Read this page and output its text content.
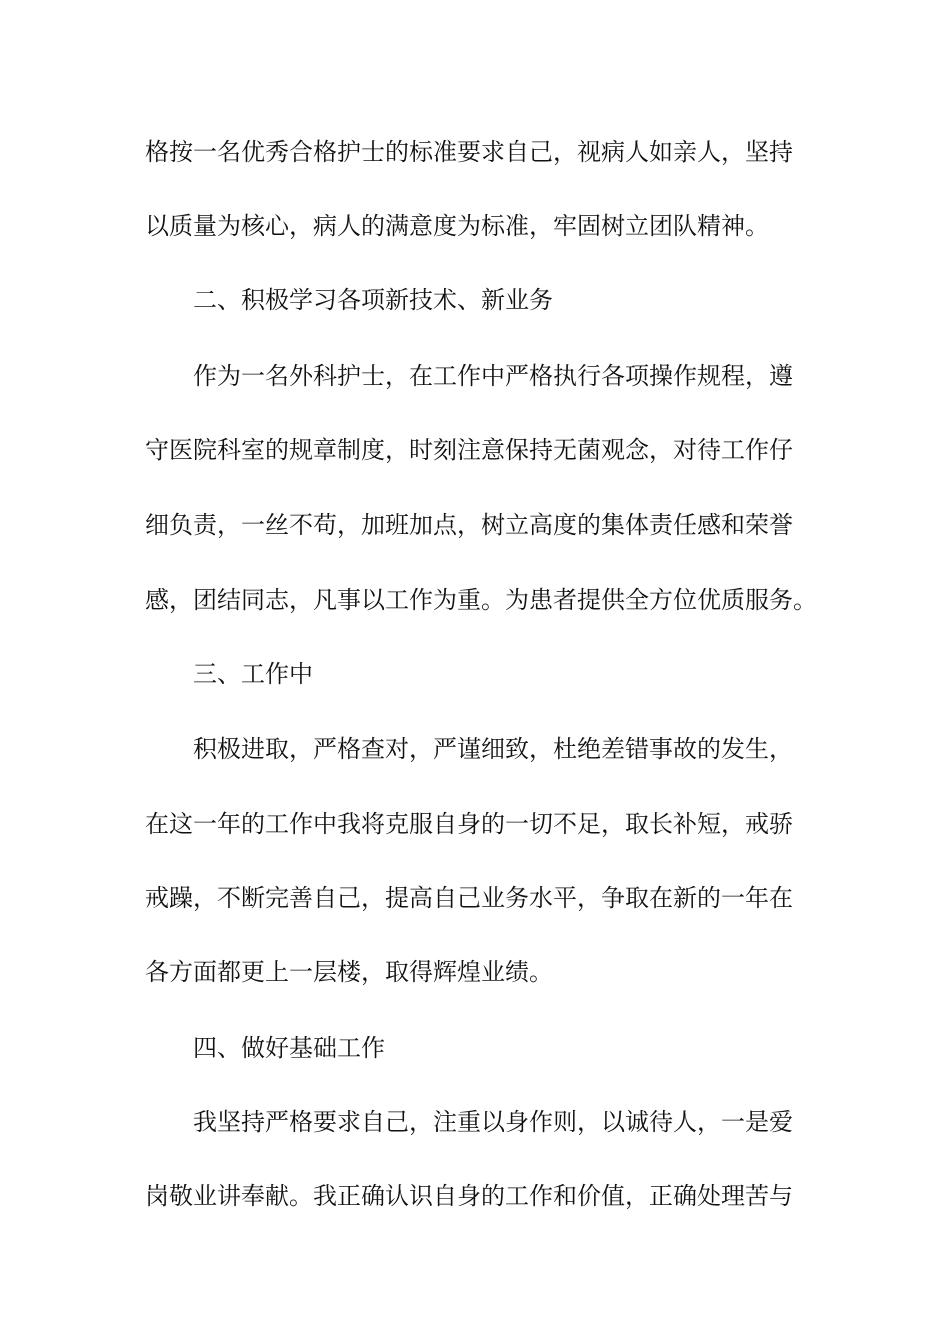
格按一名优秀合格护士的标准要求自己，视病人如亲人，坚持
以质量为核心，病人的满意度为标准，牢固树立团队精神。
二、积极学习各项新技术、新业务
作为一名外科护士，在工作中严格执行各项操作规程，遵
守医院科室的规章制度，时刻注意保持无菌观念，对待工作仔
细负责，一丝不苟，加班加点，树立高度的集体责任感和荣誉
感，团结同志，凡事以工作为重。为患者提供全方位优质服务。
三、工作中
积极进取，严格查对，严谨细致，杜绝差错事故的发生，
在这一年的工作中我将克服自身的一切不足，取长补短，戒骄
戒躁，不断完善自己，提高自己业务水平，争取在新的一年在
各方面都更上一层楼，取得辉煌业绩。
四、做好基础工作
我坚持严格要求自己，注重以身作则，以诚待人，一是爱
岗敬业讲奉献。我正确认识自身的工作和价值，正确处理苦与
